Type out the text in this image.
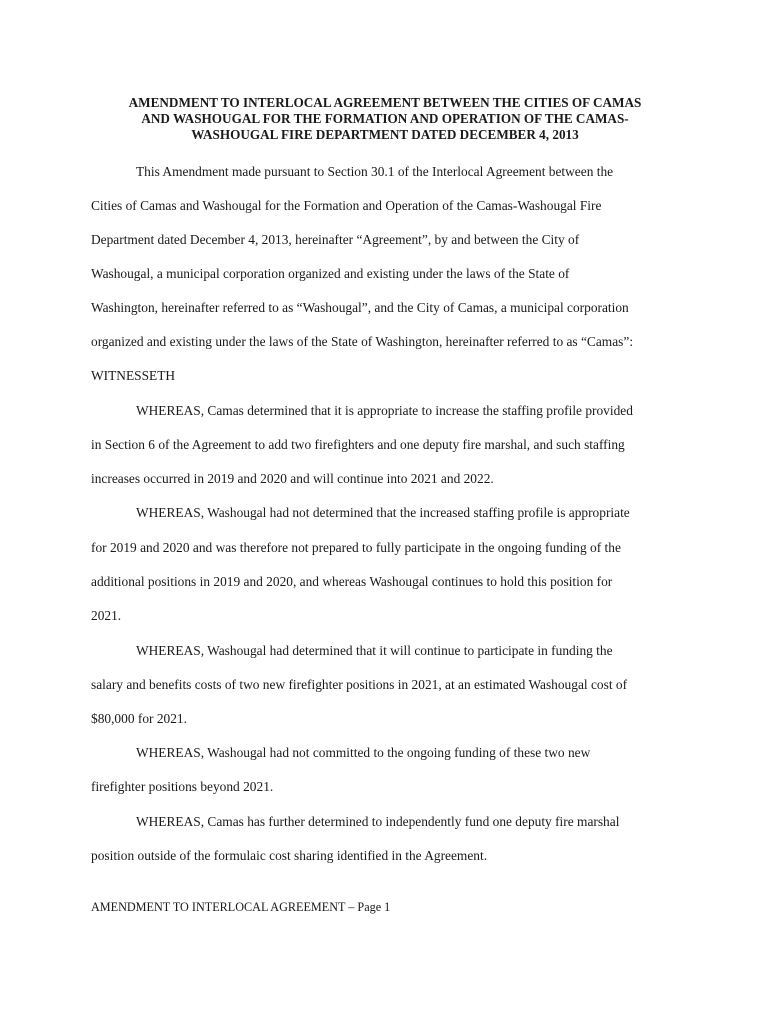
AMENDMENT TO INTERLOCAL AGREEMENT BETWEEN THE CITIES OF CAMAS
AND WASHOUGAL FOR THE FORMATION AND OPERATION OF THE CAMAS-
WASHOUGAL FIRE DEPARTMENT DATED DECEMBER 4, 2013
This Amendment made pursuant to Section 30.1 of the Interlocal Agreement between the
Cities of Camas and Washougal for the Formation and Operation of the Camas-Washougal Fire
Department dated December 4, 2013, hereinafter “Agreement”, by and between the City of
Washougal, a municipal corporation organized and existing under the laws of the State of
Washington, hereinafter referred to as “Washougal”, and the City of Camas, a municipal corporation
organized and existing under the laws of the State of Washington, hereinafter referred to as “Camas”:
WITNESSETH
WHEREAS, Camas determined that it is appropriate to increase the staffing profile provided
in Section 6 of the Agreement to add two firefighters and one deputy fire marshal, and such staffing
increases occurred in 2019 and 2020 and will continue into 2021 and 2022.
WHEREAS, Washougal had not determined that the increased staffing profile is appropriate
for 2019 and 2020 and was therefore not prepared to fully participate in the ongoing funding of the
additional positions in 2019 and 2020, and whereas Washougal continues to hold this position for
2021.
WHEREAS, Washougal had determined that it will continue to participate in funding the
salary and benefits costs of two new firefighter positions in 2021, at an estimated Washougal cost of
$80,000 for 2021.
WHEREAS, Washougal had not committed to the ongoing funding of these two new
firefighter positions beyond 2021.
WHEREAS, Camas has further determined to independently fund one deputy fire marshal
position outside of the formulaic cost sharing identified in the Agreement.
AMENDMENT TO INTERLOCAL AGREEMENT – Page 1
